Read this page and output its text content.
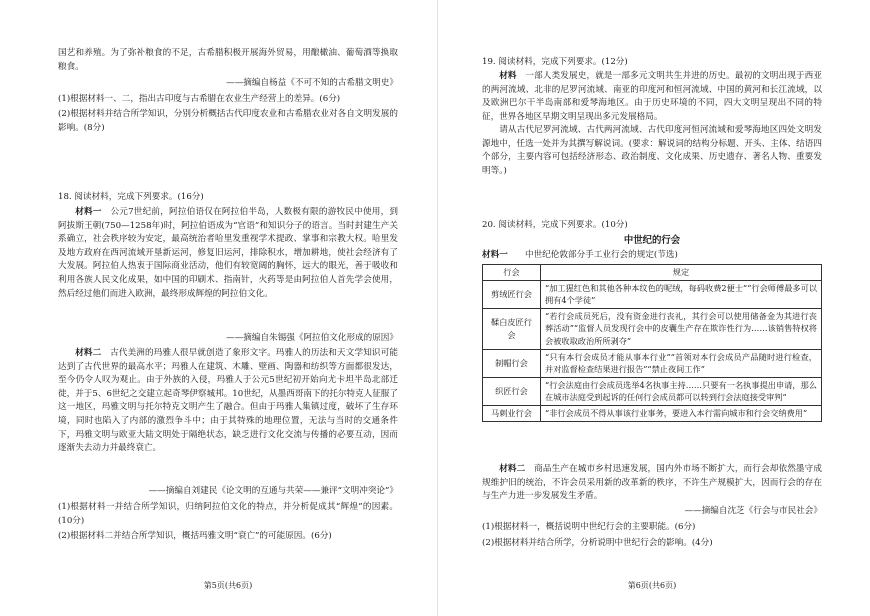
国艺和养殖。为了弥补粮食的不足，古希腊积极开展海外贸易，用酿橄油、葡萄酒等换取粮食。

——摘编自杨益《不可不知的古希腊文明史》

(1)根据材料一、二，指出古印度与古希腊在农业生产经营上的差异。(6分)

(2)根据材料并结合所学知识，分别分析概括古代印度农业和古希腊农业对各自文明发展的影响。(8分)

18. 阅读材料，完成下列要求。(16分)

材料一　 公元7世纪前，阿拉伯语仅在阿拉伯半岛，人数极有限的游牧民中使用，到阿拔斯王朝(750—1258年)时，阿拉伯语成为“官语”和知识分子的语言。当时封建生产关系确立，社会秩序较为安定，最高统治者哈里发重视学术提政、掌事和宗教大权。哈里发及地方政府在西河流域开垦新运河，修复旧运河，排除积水，增加耕地，使社会经济有了大发展。阿拉伯人热衷于国际商业活动，他们有较宽阔的胸怀，远大的眼光，善于吸收和利用各族人民文化成果，如中国的印刷术、指南针，火药等是由阿拉伯人首先学会使用，然后经过他们而进入欧洲，最终形成辉煌的阿拉伯文化。

——摘编自朱锡强《阿拉伯文化形成的原因》

材料二　 古代美洲的玛雅人很早就创造了象形文字。玛雅人的历法和天文学知识可能达到了古代世界的最高水平；玛雅人在建筑、木雕、壁画、陶器和纺织等方面都很发达，至今仍令人叹为观止。由于外族的入侵，玛雅人于公元5世纪初开始向尤卡坦半岛北部迁徙，并于5、6世纪之交建立起奇琴伊察城邦。10世纪，从墨西哥南下的托尔特克人征服了这一地区，玛雅文明与托尔特克文明产生了融合。但由于玛雅人集镇过度，破坏了生存环境，同时也陷入了内部的激烈争斗中；由于其特殊的地理位置，无法与当时的交通条件下，玛雅文明与欧亚大陆文明处于隔绝状态，缺乏进行文化交流与传播的必要互动，因而逐渐失去动力并最终衰亡。

——摘编自刘建民《论文明的互通与共荣——兼评“文明冲突论”》

(1)根据材料一并结合所学知识，归纳阿拉伯文化的特点，并分析促成其“辉煌”的因素。(10分)

(2)根据材料二并结合所学知识，概括玛雅文明“衰亡”的可能原因。(6分)

第5页(共6页)

19. 阅读材料，完成下列要求。(12分)

材料　 一部人类发展史，就是一部多元文明共生并进的历史。最初的文明出现于西亚的两河流域、北非的尼罗河流域、南亚的印度河和恒河流域、中国的黄河和长江流域，以及欧洲巴尔干半岛南部和爱琴海地区。由于历史环境的不同，四大文明呈现出不同的特征，世界各地区早期文明呈现出多元发展格局。

请从古代尼罗河流域、古代两河流域、古代印度河恒河流域和爱琴海地区四处文明发源地中，任选一处并为其撰写解说词。(要求：解说词的结构分标题、开头、主体、结语四个部分，主要内容可包括经济形态、政治制度、文化成果、历史遗存、著名人物、重要发明等。)

20. 阅读材料，完成下列要求。(10分)

中世纪的行会

材料一　　 中世纪伦敦部分手工业行会的规定(节选)

行会	规定
剪绒匠行会	“加工猩红色和其他各种本纹色的呢绒，每码收费2便士”“行会师傅最多可以拥有4个学徒”
鞣白皮匠行会	“若行会成员死后，没有资金进行丧礼，其行会可以使用储备金为其进行丧葬活动”“监督人员发现行会中的皮囊生产存在欺诈性行为……该销售特权将会被收取政治所所剥夺”
制帽行会	“只有本行会成员才能从事本行业”“首领对本行会成员产品随时进行检查，并对监督检查结果进行报告”“禁止夜间工作”
织匠行会	“行会法庭由行会成员选举4名执事主持……只要有一名执事提出申请，那么在城市法庭受到起诉的任何行会成员都可以转到行会法庭接受审判”
马刺业行会	“非行会成员不得从事该行业事务，要进入本行需向城市和行会交纳费用”

材料二　 商品生产在城市乡村迅速发展，国内外市场不断扩大，而行会却依然墨守成规维护旧的统治，不许会员采用新的改革新的秩序，不许生产规模扩大，因而行会的存在与生产力进一步发展发生矛盾。

——摘编自沈芝《行会与市民社会》

(1)根据材料一，概括说明中世纪行会的主要职能。(6分)

(2)根据材料并结合所学，分析说明中世纪行会的影响。(4分)

第6页(共6页)
